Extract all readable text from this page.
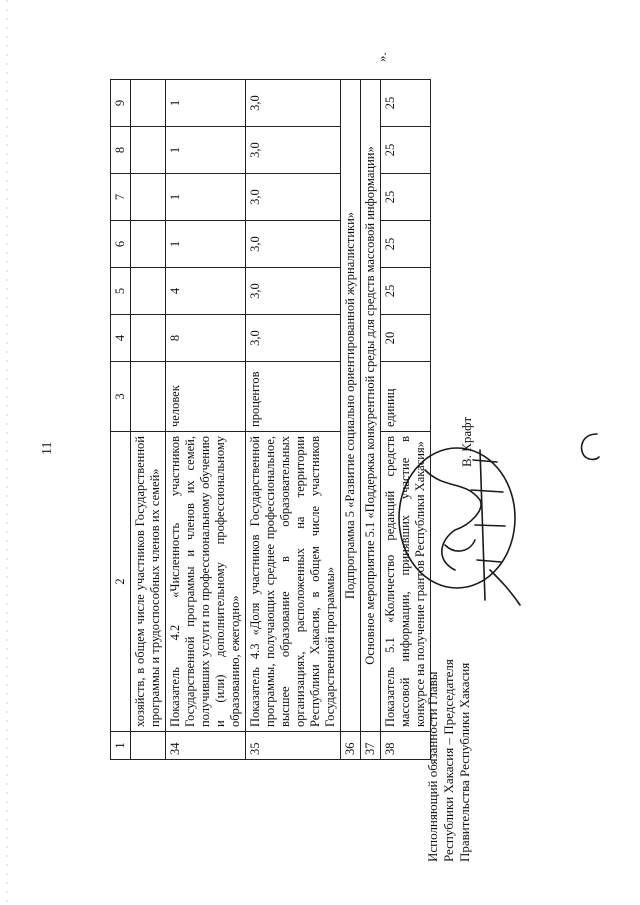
11
».
1	2	3	4	5	6	7	8	9
	хозяйств, в общем числе участников Государственной программы и трудоспособных членов их семей»							
34	Показатель 4.2 «Численность участников Государственной программы и членов их семей, получивших услуги по профессиональному обучению и (или) дополнительному профессиональному образованию, ежегодно»	человек	8	4	1	1	1	1
35	Показатель 4.3 «Доля участников Государственной программы, получающих среднее профессиональное, высшее образование в образовательных организациях, расположенных на территории Республики Хакасия, в общем числе участников Государственной программы»	процентов	3,0	3,0	3,0	3,0	3,0	3,0
36	Подпрограмма 5 «Развитие социально ориентированной журналистики»							
37	Основное мероприятие 5.1 «Поддержка конкурентной среды для средств массовой информации»							
38	Показатель 5.1 «Количество редакций средств массовой информации, принявших участие в конкурсе на получение грантов Республики Хакасия»	единиц	20	25	25	25	25	25
Исполняющий обязанности Главы Республики Хакасия – Председателя Правительства Республики Хакасия
В. Крафт
